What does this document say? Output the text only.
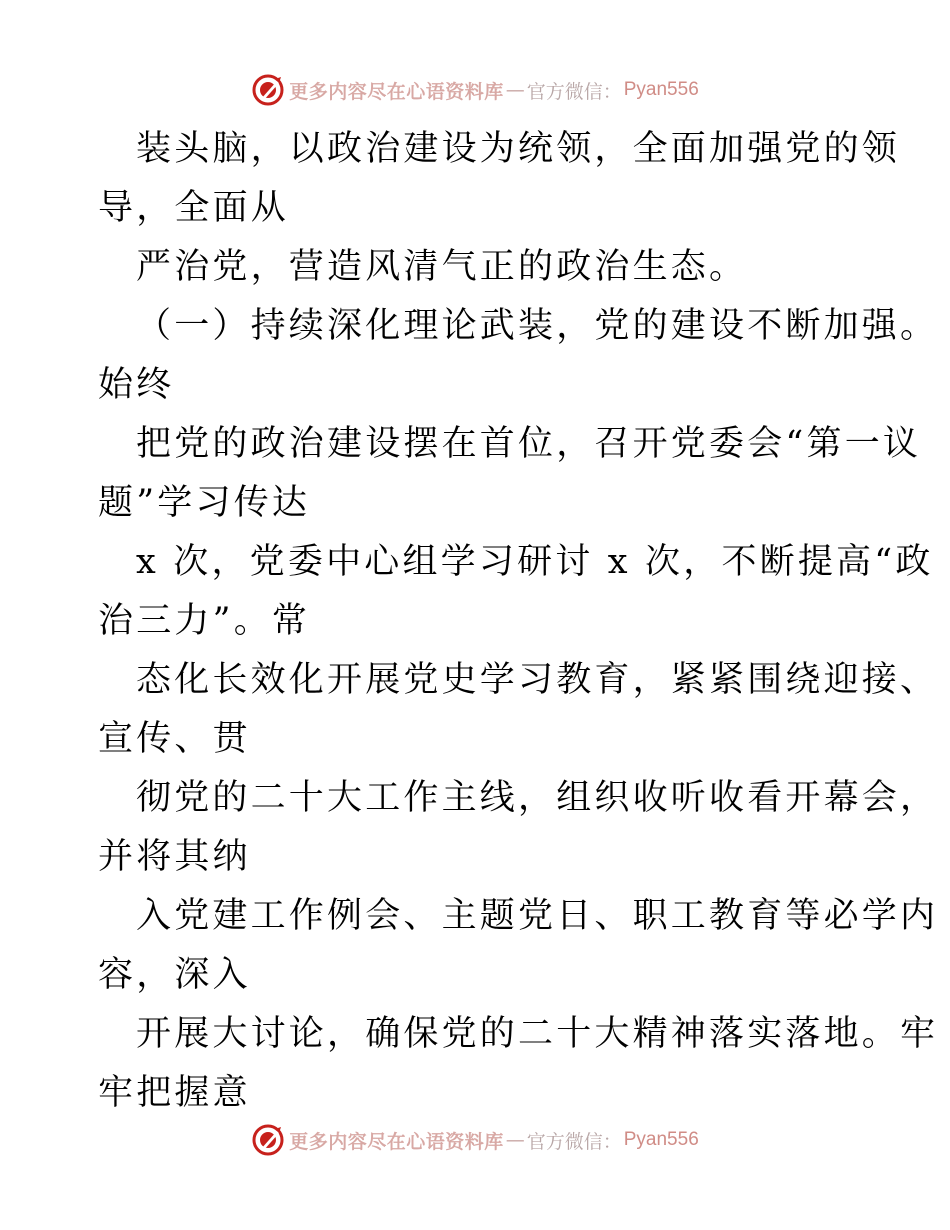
更多内容尽在心语资料库 — 官方微信： Pyan556
装头脑，以政治建设为统领，全面加强党的领
导，全面从
严治党，营造风清气正的政治生态。
（一）持续深化理论武装，党的建设不断加强。
始终
把党的政治建设摆在首位，召开党委会“第一议
题”学习传达
x 次，党委中心组学习研讨 x 次，不断提高“政
治三力”。常
态化长效化开展党史学习教育，紧紧围绕迎接、
宣传、贯
彻党的二十大工作主线，组织收听收看开幕会，
并将其纳
入党建工作例会、主题党日、职工教育等必学内
容，深入
开展大讨论，确保党的二十大精神落实落地。牢
牢把握意
更多内容尽在心语资料库 — 官方微信： Pyan556
